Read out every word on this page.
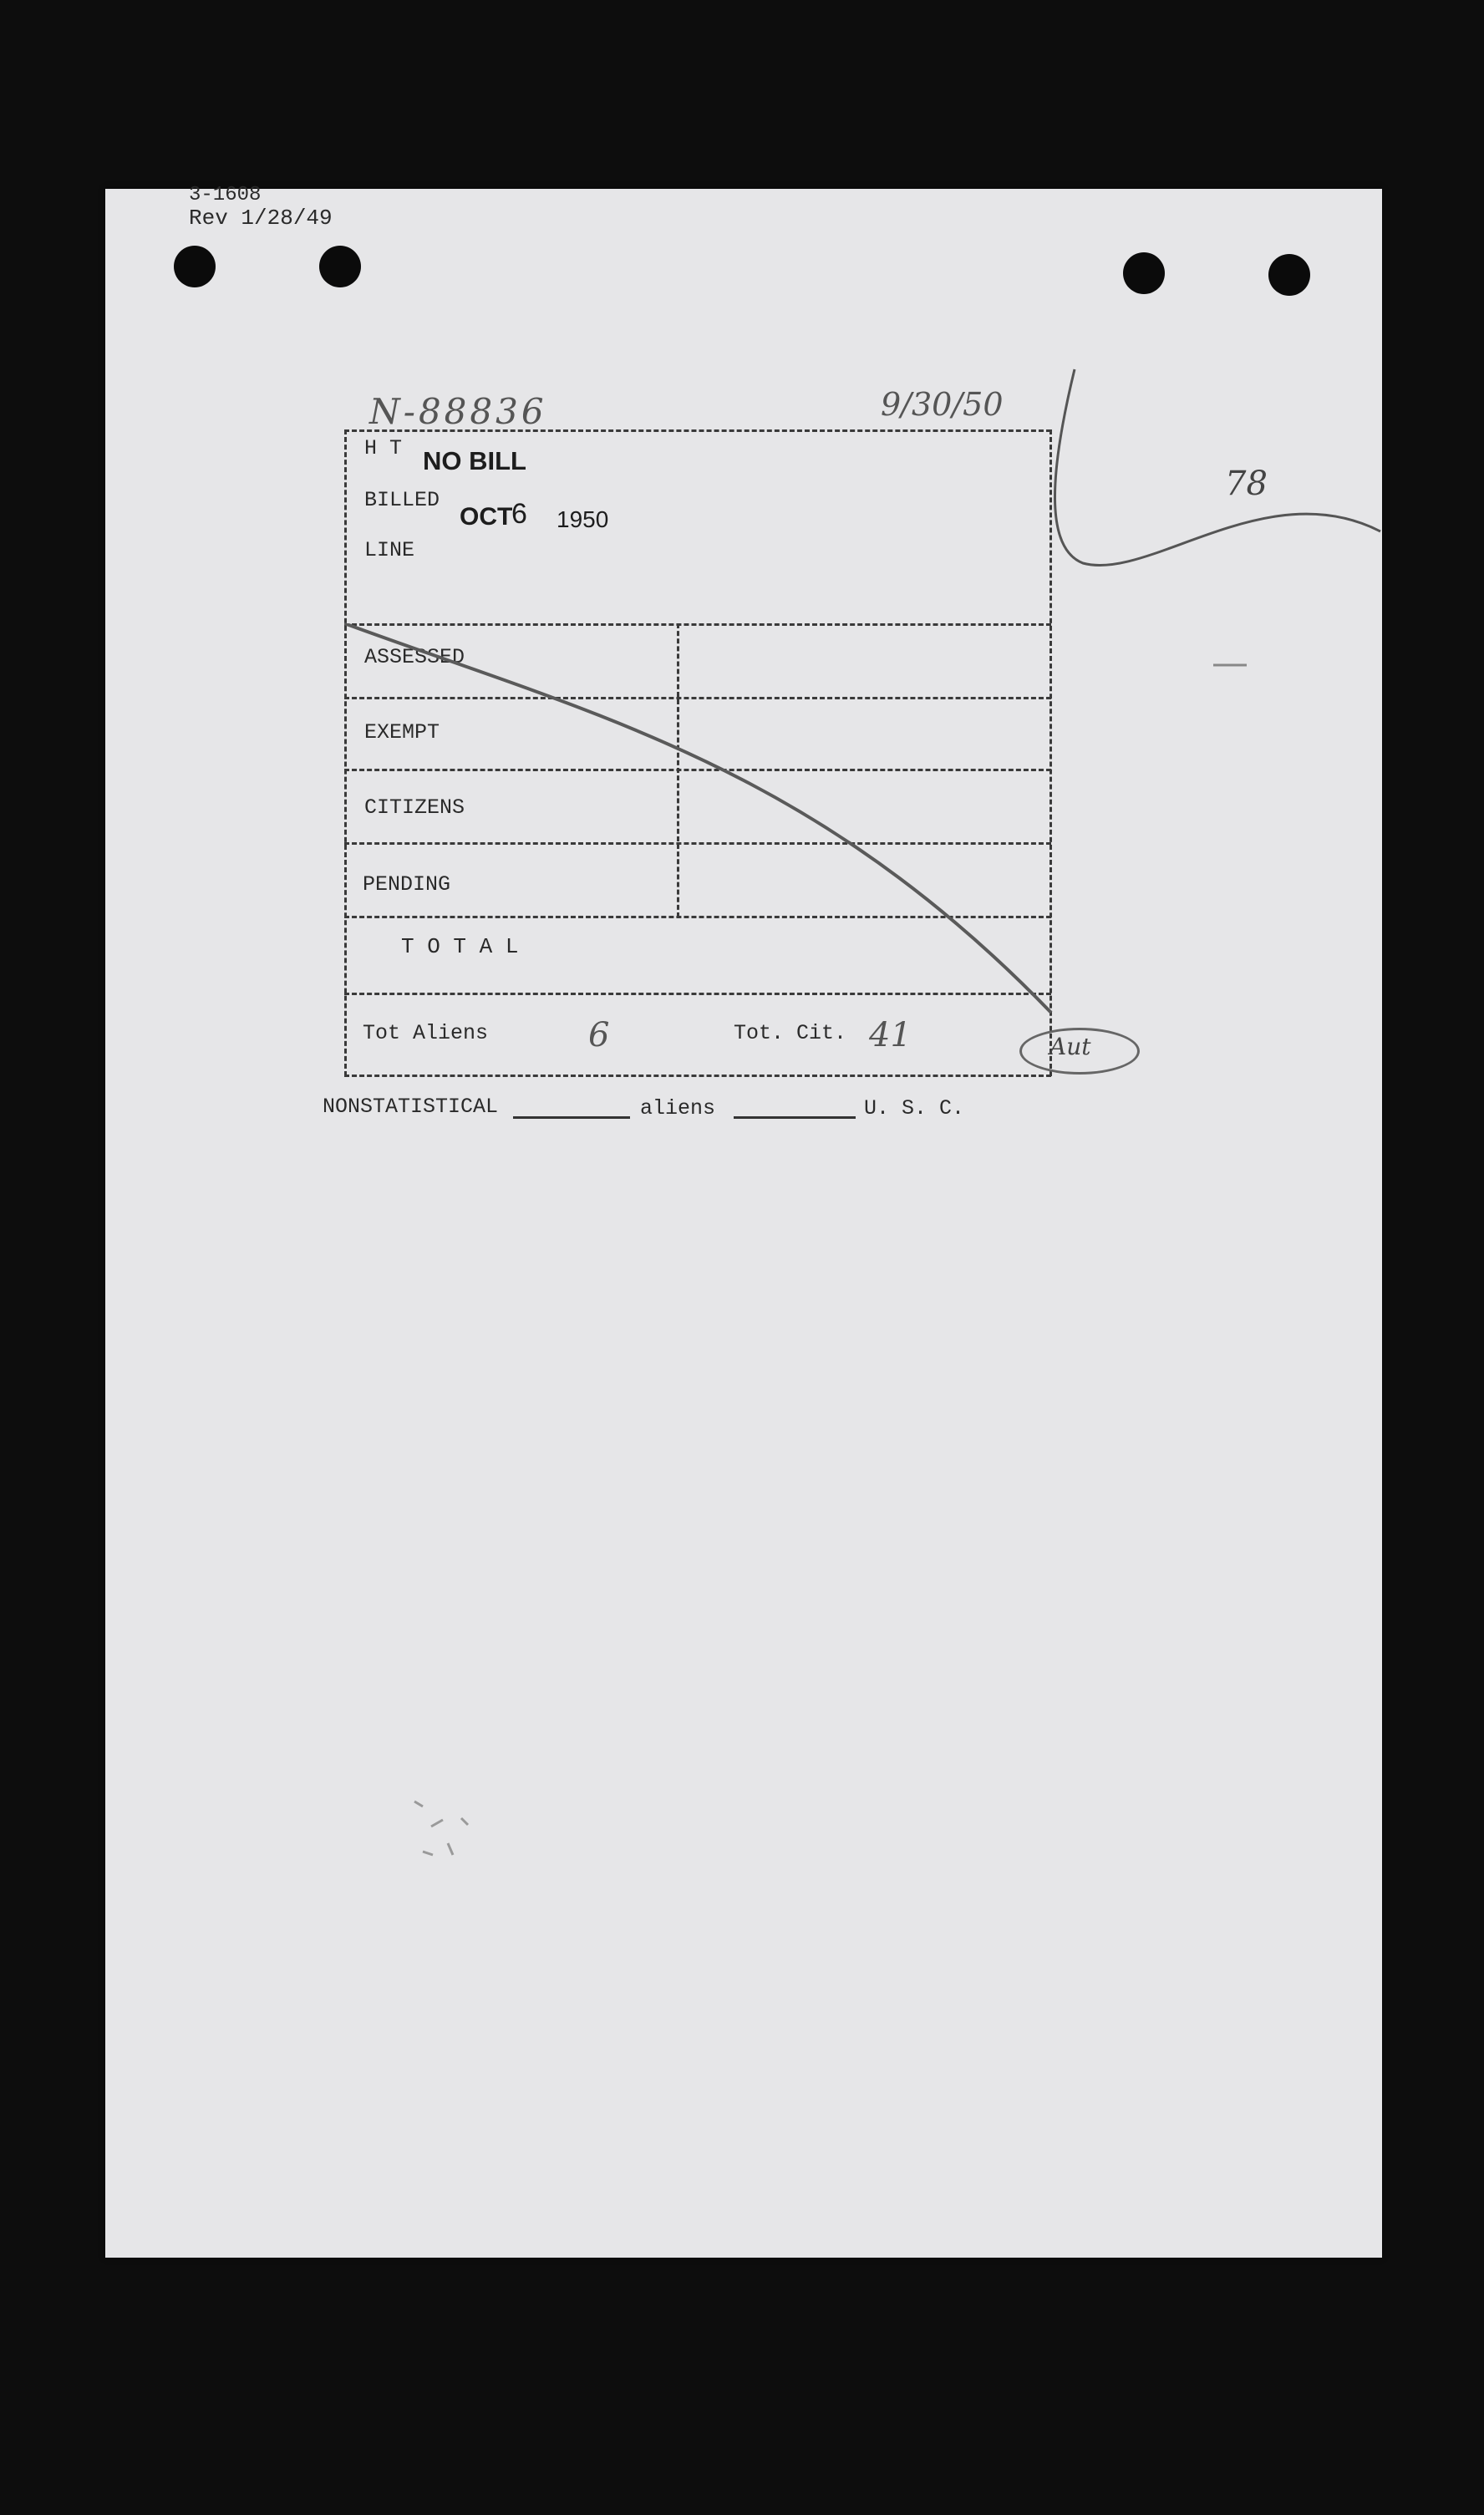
3-1608
Rev 1/28/49
N-88836	9/30/50
78
H T NO BILL
BILLED
OCT
6 1950
LINE
ASSESSED
EXEMPT
CITIZENS
PENDING
T O T A L
Tot Aliens	6	Tot. Cit. 41	Aut
NONSTATISTICAL	aliens	U. S. C.
